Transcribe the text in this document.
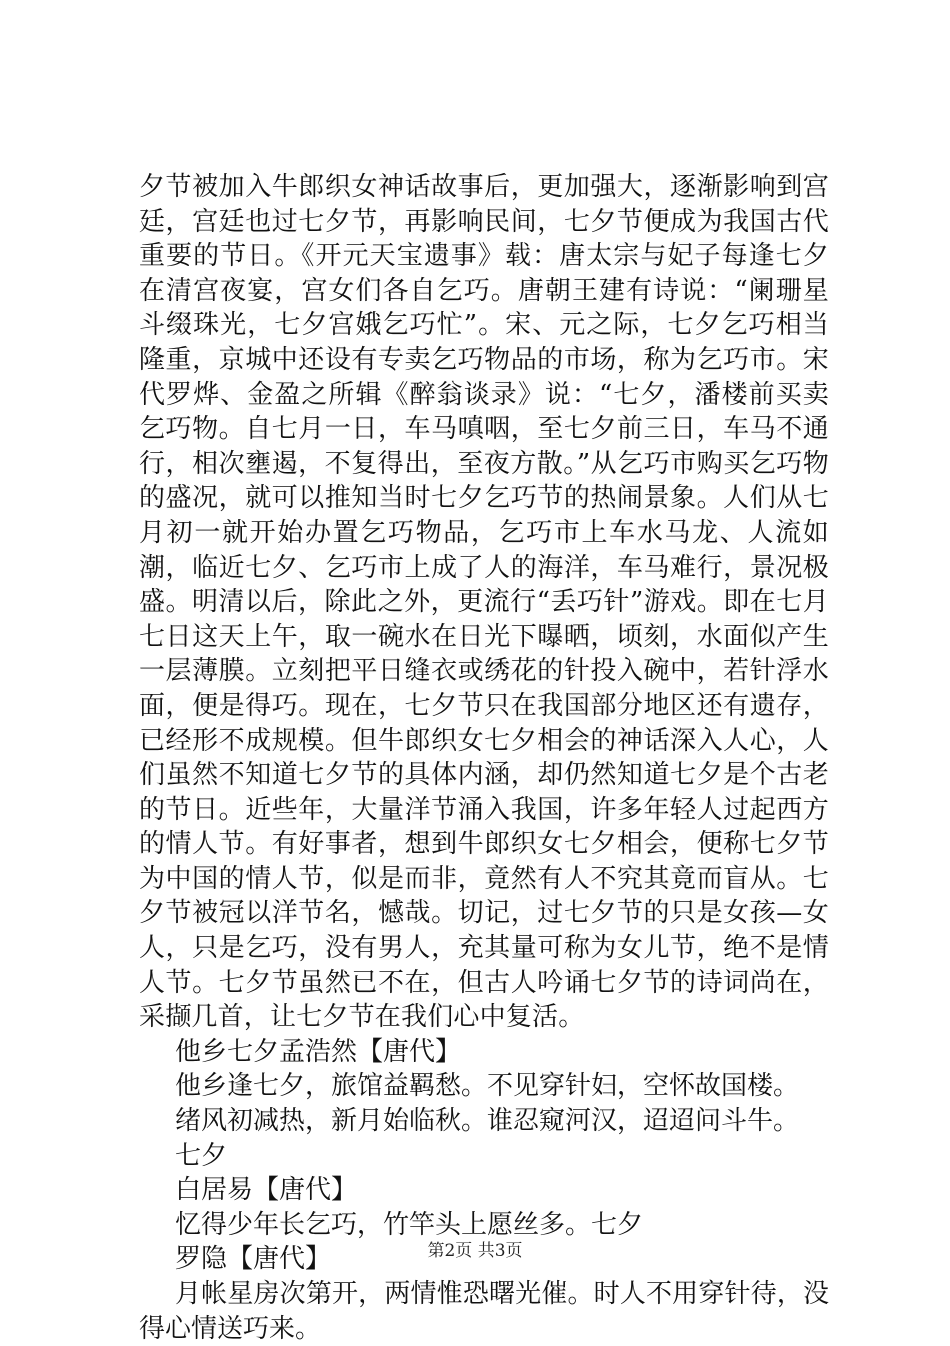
夕节被加入牛郎织女神话故事后，更加强大，逐渐影响到宫廷，宫廷也过七夕节，再影响民间，七夕节便成为我国古代重要的节日。《开元天宝遗事》载：唐太宗与妃子每逢七夕在清宫夜宴，宫女们各自乞巧。唐朝王建有诗说：“阑珊星斗缀珠光，七夕宫娥乞巧忙”。宋、元之际，七夕乞巧相当隆重，京城中还设有专卖乞巧物品的市场，称为乞巧市。宋代罗烨、金盈之所辑《醉翁谈录》说：“七夕，潘楼前买卖乞巧物。自七月一日，车马嗔咽，至七夕前三日，车马不通行，相次壅遏，不复得出，至夜方散。”从乞巧市购买乞巧物的盛况，就可以推知当时七夕乞巧节的热闹景象。人们从七月初一就开始办置乞巧物品，乞巧市上车水马龙、人流如潮，临近七夕、乞巧市上成了人的海洋，车马难行，景况极盛。明清以后，除此之外，更流行“丢巧针”游戏。即在七月七日这天上午，取一碗水在日光下曝晒，顷刻，水面似产生一层薄膜。立刻把平日缝衣或绣花的针投入碗中，若针浮水面，便是得巧。现在，七夕节只在我国部分地区还有遗存，已经形不成规模。但牛郎织女七夕相会的神话深入人心，人们虽然不知道七夕节的具体内涵，却仍然知道七夕是个古老的节日。近些年，大量洋节涌入我国，许多年轻人过起西方的情人节。有好事者，想到牛郎织女七夕相会，便称七夕节为中国的情人节，似是而非，竟然有人不究其竟而盲从。七夕节被冠以洋节名，憾哉。切记，过七夕节的只是女孩—女人，只是乞巧，没有男人，充其量可称为女儿节，绝不是情人节。七夕节虽然已不在，但古人吟诵七夕节的诗词尚在，采撷几首，让七夕节在我们心中复活。

他乡七夕孟浩然【唐代】

他乡逢七夕，旅馆益羁愁。不见穿针妇，空怀故国楼。

绪风初减热，新月始临秋。谁忍窥河汉，迢迢问斗牛。

七夕

白居易【唐代】

忆得少年长乞巧，竹竿头上愿丝多。七夕

罗隐【唐代】

月帐星房次第开，两情惟恐曙光催。时人不用穿针待，没得心情送巧来。

第2页 共3页
